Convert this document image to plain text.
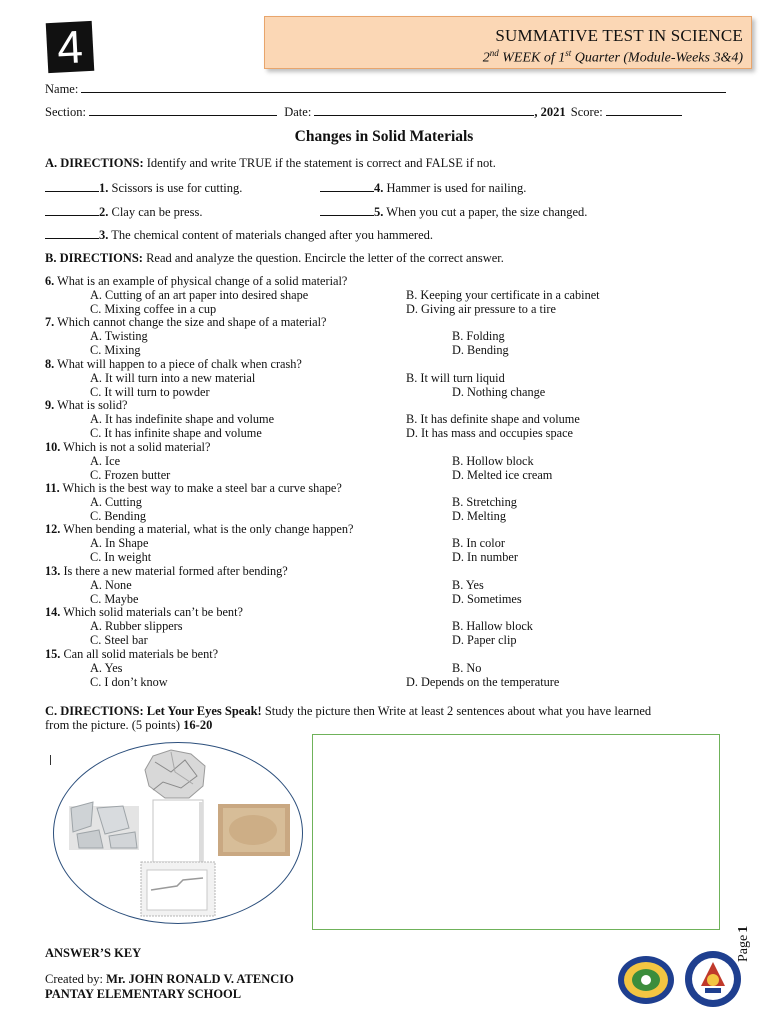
4	SUMMATIVE TEST IN SCIENCE
2nd WEEK of 1st Quarter (Module-Weeks 3&4)
Name:
Section:	Date:	, 2021 Score:
Changes in Solid Materials
A. DIRECTIONS: Identify and write TRUE if the statement is correct and FALSE if not.
1. Scissors is use for cutting.	4. Hammer is used for nailing.
2. Clay can be press.	5. When you cut a paper, the size changed.
3. The chemical content of materials changed after you hammered.
B. DIRECTIONS: Read and analyze the question. Encircle the letter of the correct answer.
6. What is an example of physical change of a solid material?
A. Cutting of an art paper into desired shape	B. Keeping your certificate in a cabinet
C. Mixing coffee in a cup	D. Giving air pressure to a tire
7. Which cannot change the size and shape of a material?
A. Twisting	B. Folding
C. Mixing	D. Bending
8. What will happen to a piece of chalk when crash?
A. It will turn into a new material	B. It will turn liquid
C. It will turn to powder	D. Nothing change
9. What is solid?
A. It has indefinite shape and volume	B. It has definite shape and volume
C. It has infinite shape and volume	D. It has mass and occupies space
10. Which is not a solid material?
A. Ice	B. Hollow block
C. Frozen butter	D. Melted ice cream
11. Which is the best way to make a steel bar a curve shape?
A. Cutting	B. Stretching
C. Bending	D. Melting
12. When bending a material, what is the only change happen?
A. In Shape	B. In color
C. In weight	D. In number
13. Is there a new material formed after bending?
A. None	B. Yes
C. Maybe	D. Sometimes
14. Which solid materials can’t be bent?
A. Rubber slippers	B. Hallow block
C. Steel bar	D. Paper clip
15. Can all solid materials be bent?
A. Yes	B. No
C. I don’t know	D. Depends on the temperature
C. DIRECTIONS: Let Your Eyes Speak! Study the picture then Write at least 2 sentences about what you have learned
from the picture. (5 points) 16-20
Page1
ANSWER’S KEY
Created by: Mr. JOHN RONALD V. ATENCIO
PANTAY ELEMENTARY SCHOOL
